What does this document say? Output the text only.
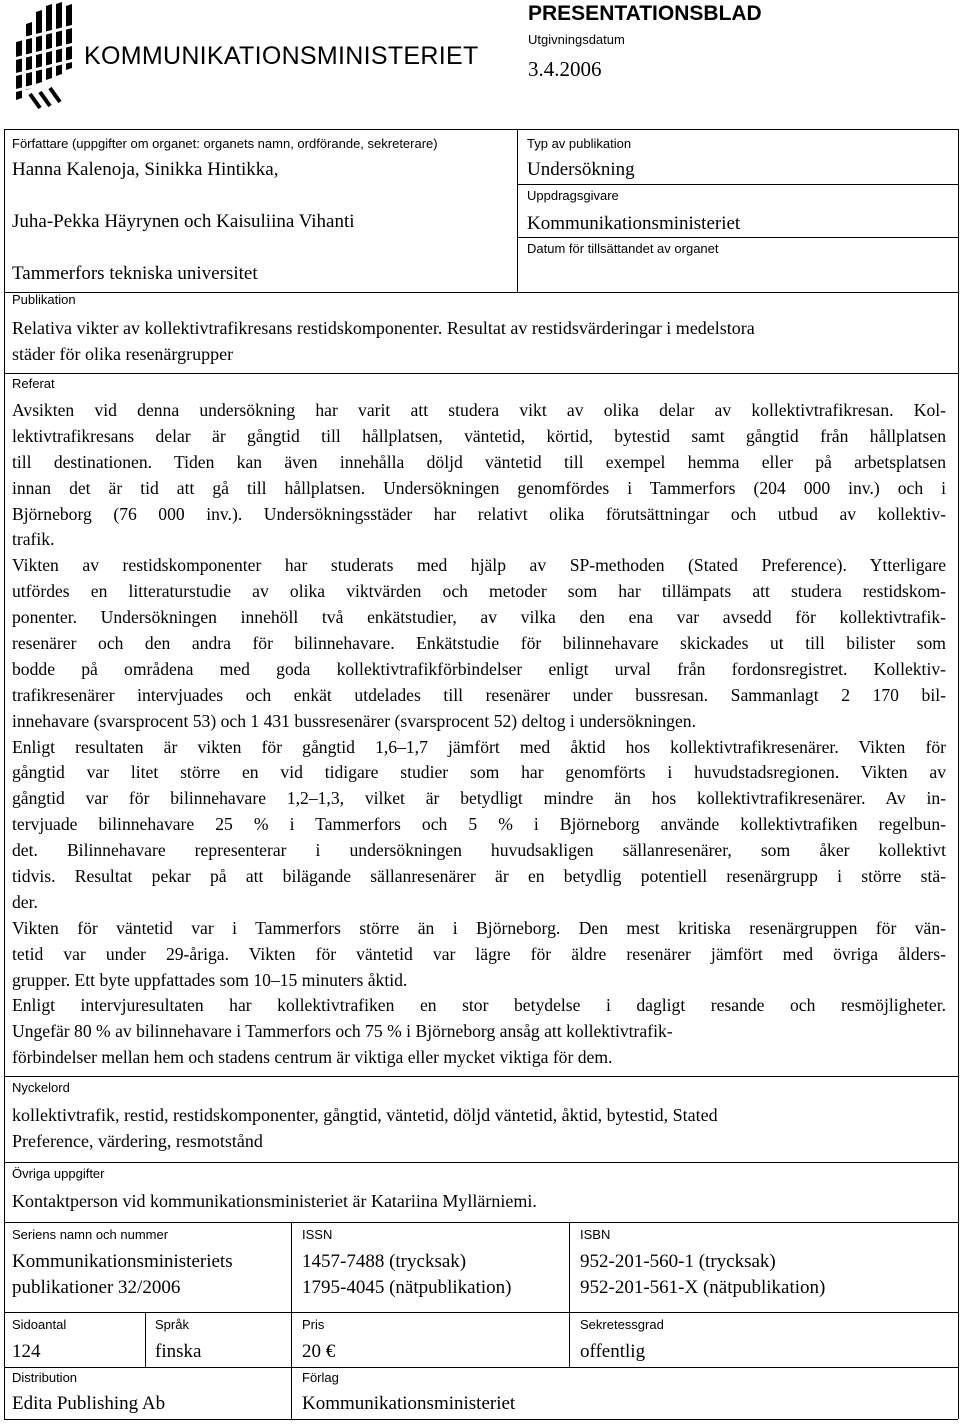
KOMMUNIKATIONSMINISTERIET
PRESENTATIONSBLAD
Utgivningsdatum
3.4.2006
Författare (uppgifter om organet: organets namn, ordförande, sekreterare)
Hanna Kalenoja, Sinikka Hintikka,
Juha-Pekka Häyrynen och Kaisuliina Vihanti
Tammerfors tekniska universitet
Typ av publikation
Undersökning
Uppdragsgivare
Kommunikationsministeriet
Datum för tillsättandet av organet
Publikation
Relativa vikter av kollektivtrafikresans restidskomponenter. Resultat av restidsvärderingar i medelstora
städer för olika resenärgrupper
Referat
Avsikten vid denna undersökning har varit att studera vikt av olika delar av kollektivtrafikresan. Kol-
lektivtrafikresans delar är gångtid till hållplatsen, väntetid, körtid, bytestid samt gångtid från hållplatsen
till destinationen. Tiden kan även innehålla döljd väntetid till exempel hemma eller på arbetsplatsen
innan det är tid att gå till hållplatsen. Undersökningen genomfördes i Tammerfors (204 000 inv.) och i
Björneborg (76 000 inv.). Undersökningsstäder har relativt olika förutsättningar och utbud av kollektiv-
trafik.
Vikten av restidskomponenter har studerats med hjälp av SP-methoden (Stated Preference). Ytterligare
utfördes en litteraturstudie av olika viktvärden och metoder som har tillämpats att studera restidskom-
ponenter. Undersökningen innehöll två enkätstudier, av vilka den ena var avsedd för kollektivtrafik-
resenärer och den andra för bilinnehavare. Enkätstudie för bilinnehavare skickades ut till bilister som
bodde på områdena med goda kollektivtrafikförbindelser enligt urval från fordonsregistret. Kollektiv-
trafikresenärer intervjuades och enkät utdelades till resenärer under bussresan. Sammanlagt 2 170 bil-
innehavare (svarsprocent 53) och 1 431 bussresenärer (svarsprocent 52) deltog i undersökningen.
Enligt resultaten är vikten för gångtid 1,6–1,7 jämfört med åktid hos kollektivtrafikresenärer. Vikten för
gångtid var litet större en vid tidigare studier som har genomförts i huvudstadsregionen. Vikten av
gångtid var för bilinnehavare 1,2–1,3, vilket är betydligt mindre än hos kollektivtrafikresenärer. Av in-
tervjuade bilinnehavare 25 % i Tammerfors och 5 % i Björneborg använde kollektivtrafiken regelbun-
det. Bilinnehavare representerar i undersökningen huvudsakligen sällanresenärer, som åker kollektivt
tidvis. Resultat pekar på att bilägande sällanresenärer är en betydlig potentiell resenärgrupp i större stä-
der.
Vikten för väntetid var i Tammerfors större än i Björneborg. Den mest kritiska resenärgruppen för vän-
tetid var under 29-åriga. Vikten för väntetid var lägre för äldre resenärer jämfört med övriga ålders-
grupper. Ett byte uppfattades som 10–15 minuters åktid.
Enligt intervjuresultaten har kollektivtrafiken en stor betydelse i dagligt resande och resmöjligheter.
Ungefär 80 % av bilinnehavare i Tammerfors och 75 % i Björneborg ansåg att kollektivtrafik-
förbindelser mellan hem och stadens centrum är viktiga eller mycket viktiga för dem.
Nyckelord
kollektivtrafik, restid, restidskomponenter, gångtid, väntetid, döljd väntetid, åktid, bytestid, Stated
Preference, värdering, resmotstånd
Övriga uppgifter
Kontaktperson vid kommunikationsministeriet är Katariina Myllärniemi.
Seriens namn och nummer
Kommunikationsministeriets
publikationer 32/2006
ISSN
1457-7488 (trycksak)
1795-4045 (nätpublikation)
ISBN
952-201-560-1 (trycksak)
952-201-561-X (nätpublikation)
Sidoantal
124
Språk
finska
Pris
20 €
Sekretessgrad
offentlig
Distribution
Edita Publishing Ab
Förlag
Kommunikationsministeriet
